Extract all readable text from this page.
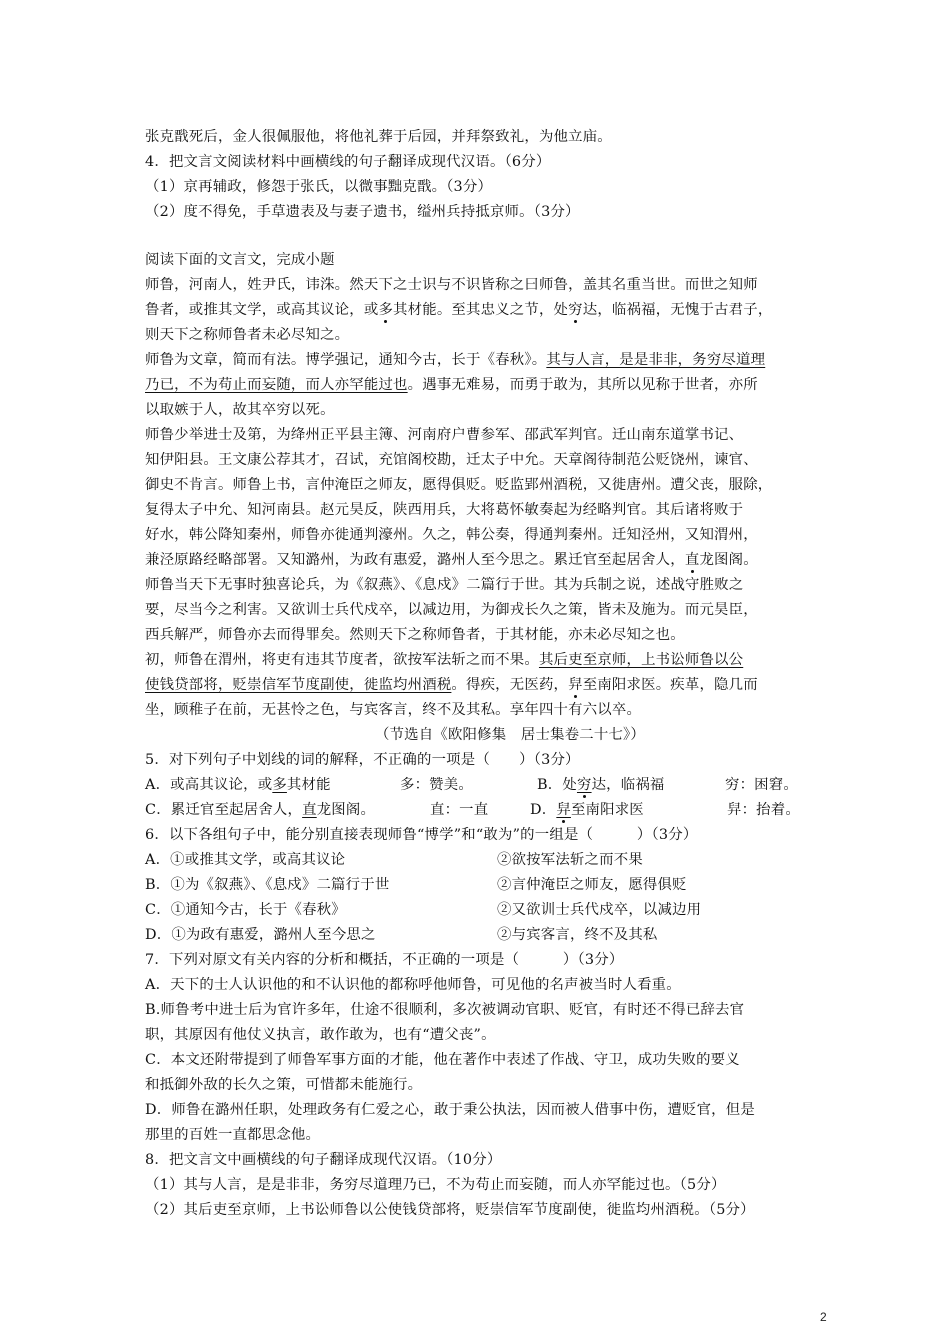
张克戬死后，金人很佩服他，将他礼葬于后园，并拜祭致礼，为他立庙。
4．把文言文阅读材料中画横线的句子翻译成现代汉语。（6分）
（1）京再辅政，修怨于张氏，以微事黜克戬。（3分）
（2）度不得免，手草遗表及与妻子遗书，缢州兵持抵京师。（3分）
阅读下面的文言文，完成小题
师鲁，河南人，姓尹氏，讳洙。然天下之士识与不识皆称之曰师鲁，盖其名重当世。而世之知师
鲁者，或推其文学，或高其议论，或多其材能。至其忠义之节，处穷达，临祸福，无愧于古君子，
则天下之称师鲁者未必尽知之。
师鲁为文章，简而有法。博学强记，通知今古，长于《春秋》。其与人言，是是非非，务穷尽道理
乃已，不为苟止而妄随，而人亦罕能过也。遇事无难易，而勇于敢为，其所以见称于世者，亦所
以取嫉于人，故其卒穷以死。
师鲁少举进士及第，为绛州正平县主簿、河南府户曹参军、邵武军判官。迁山南东道掌书记、
知伊阳县。王文康公荐其才，召试，充馆阁校勘，迁太子中允。天章阁待制范公贬饶州，谏官、
御史不肯言。师鲁上书，言仲淹臣之师友，愿得俱贬。贬监郢州酒税，又徙唐州。遭父丧，服除，
复得太子中允、知河南县。赵元昊反，陕西用兵，大将葛怀敏奏起为经略判官。其后诸将败于
好水，韩公降知秦州，师鲁亦徙通判濠州。久之，韩公奏，得通判秦州。迁知泾州，又知渭州，
兼泾原路经略部署。又知潞州，为政有惠爱，潞州人至今思之。累迁官至起居舍人，直龙图阁。
师鲁当天下无事时独喜论兵，为《叙燕》、《息戍》二篇行于世。其为兵制之说，述战守胜败之
要，尽当今之利害。又欲训士兵代戍卒，以减边用，为御戎长久之策，皆未及施为。而元昊臣，
西兵解严，师鲁亦去而得罪矣。然则天下之称师鲁者，于其材能，亦未必尽知之也。
初，师鲁在渭州，将吏有违其节度者，欲按军法斩之而不果。其后吏至京师，上书讼师鲁以公
使钱贷部将，贬崇信军节度副使，徙监均州酒税。得疾，无医药，舁至南阳求医。疾革，隐几而
坐，顾稚子在前，无甚怜之色，与宾客言，终不及其私。享年四十有六以卒。
（节选自《欧阳修集　居士集卷二十七》）
5．对下列句子中划线的词的解释，不正确的一项是（　　）（3分）
A．或高其议论，或多其材能	多：赞美。	B．处穷达，临祸福	穷：困窘。
C．累迁官至起居舍人，直龙图阁。	直：一直	D．舁至南阳求医	舁：抬着。
6．以下各组句子中，能分别直接表现师鲁“博学”和“敢为”的一组是（　　　）（3分）
A．①或推其文学，或高其议论	②欲按军法斩之而不果
B．①为《叙燕》、《息戍》二篇行于世	②言仲淹臣之师友，愿得俱贬
C．①通知今古，长于《春秋》	②又欲训士兵代戍卒，以减边用
D．①为政有惠爱，潞州人至今思之	②与宾客言，终不及其私
7．下列对原文有关内容的分析和概括，不正确的一项是（　　　）（3分）
A．天下的士人认识他的和不认识他的都称呼他师鲁，可见他的名声被当时人看重。
B.师鲁考中进士后为官许多年，仕途不很顺利，多次被调动官职、贬官，有时还不得已辞去官
职，其原因有他仗义执言，敢作敢为，也有“遭父丧”。
C．本文还附带提到了师鲁军事方面的才能，他在著作中表述了作战、守卫，成功失败的要义
和抵御外敌的长久之策，可惜都未能施行。
D．师鲁在潞州任职，处理政务有仁爱之心，敢于秉公执法，因而被人借事中伤，遭贬官，但是
那里的百姓一直都思念他。
8．把文言文中画横线的句子翻译成现代汉语。（10分）
（1）其与人言，是是非非，务穷尽道理乃已，不为苟止而妄随，而人亦罕能过也。（5分）
（2）其后吏至京师，上书讼师鲁以公使钱贷部将，贬崇信军节度副使，徙监均州酒税。（5分）
2
